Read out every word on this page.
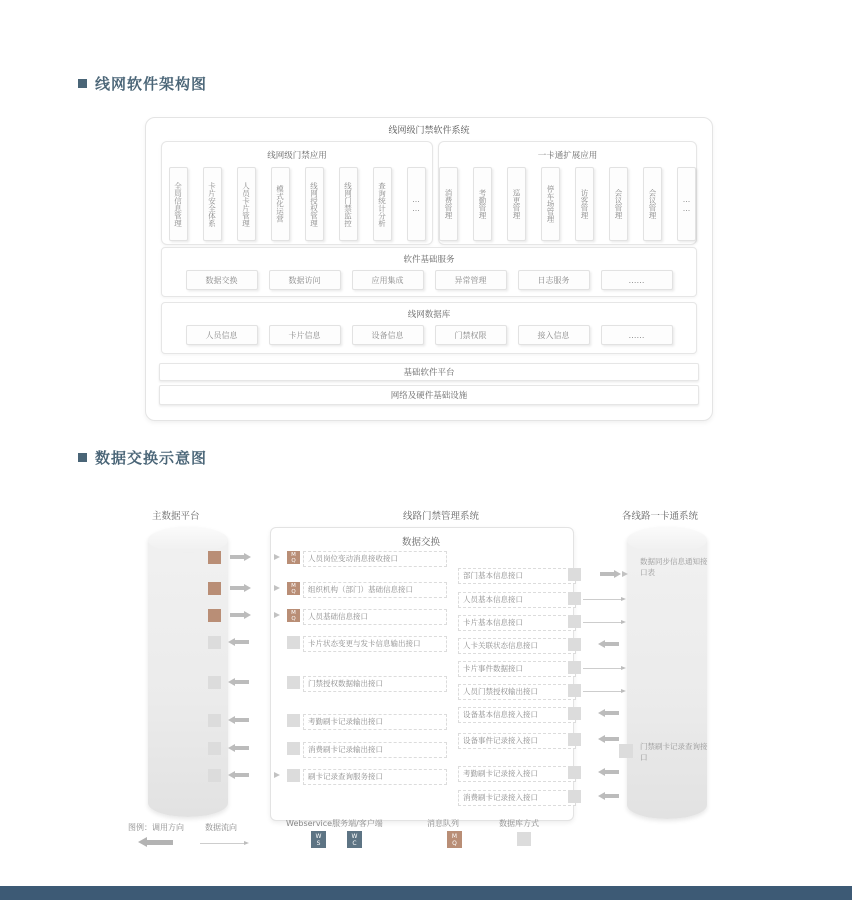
线网软件架构图
线网级门禁软件系统
线网级门禁应用
全局信息管理	卡片安全体系	人员卡片管理	模式化运营	线网授权管理	线网门禁监控	查询统计分析	……
一卡通扩展应用
消费管理	考勤管理	巡更管理	停车场管理	访客管理	会议管理	会议管理	……
软件基础服务
数据交换	数据访问	应用集成	异常管理	日志服务	……
线网数据库
人员信息	卡片信息	设备信息	门禁权限	接入信息	……
基础软件平台
网络及硬件基础设施
数据交换示意图
主数据平台	线路门禁管理系统	各线路一卡通系统
数据交换
M
Q	人员岗位变动消息接收接口
M
Q	组织机构（部门）基础信息接口
M
Q	人员基础信息接口
卡片状态变更与发卡信息输出接口
门禁授权数据输出接口
考勤刷卡记录输出接口
消费刷卡记录输出接口
刷卡记录查询服务接口
部门基本信息接口
人员基本信息接口
卡片基本信息接口
人卡关联状态信息接口
卡片事件数据接口
人员门禁授权输出接口
设备基本信息接入接口
设备事件记录接入接口
考勤刷卡记录接入接口
消费刷卡记录接入接口
数据同步信息通知接口表
门禁刷卡记录查询接口
图例：调用方向	数据流向	Webservice服务端/客户端
W
S
W
C
消息队列
M
Q
数据库方式
